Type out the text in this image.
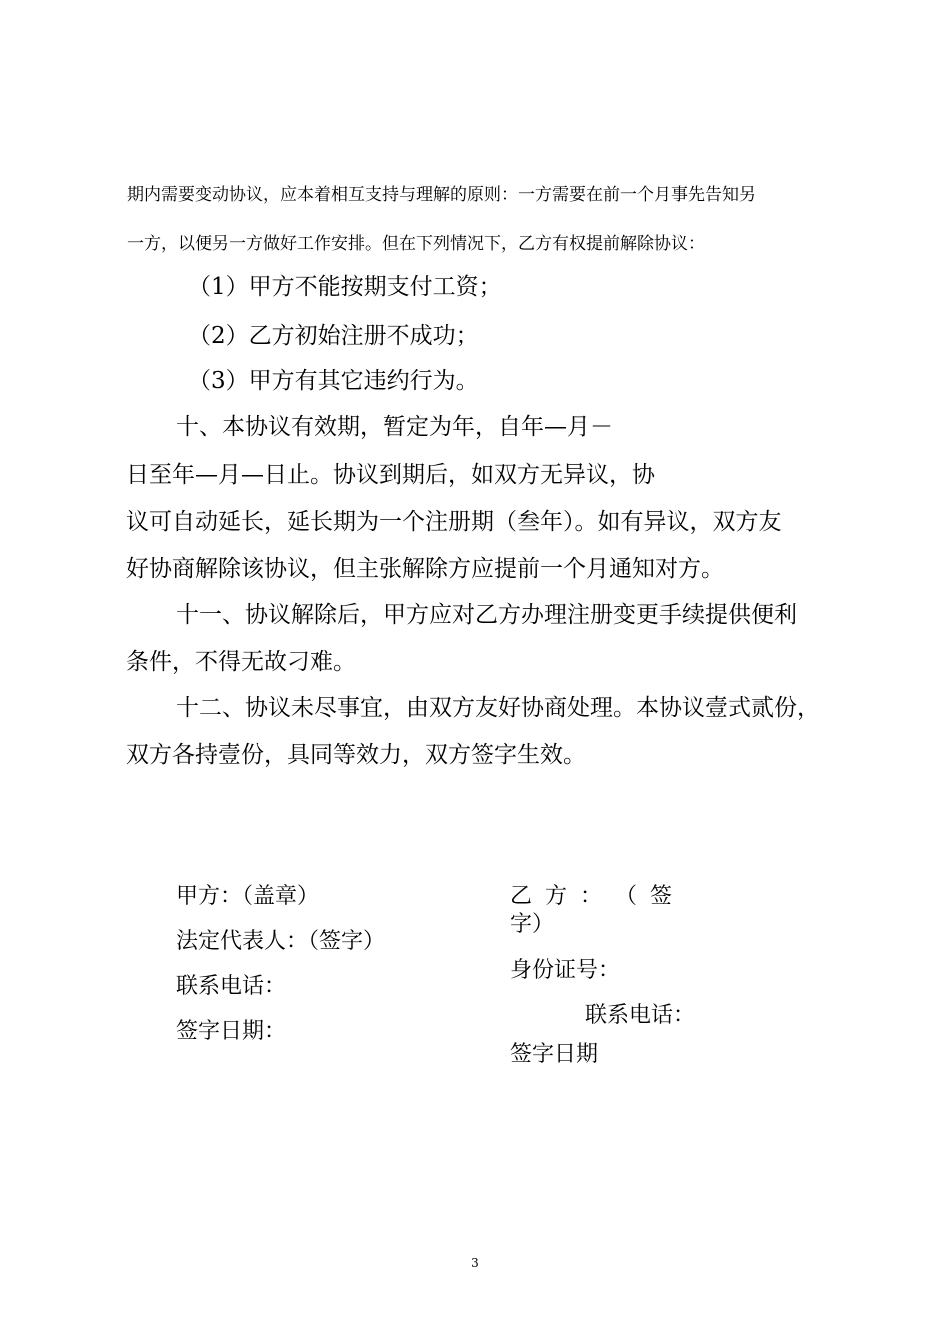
期内需要变动协议，应本着相互支持与理解的原则：一方需要在前一个月事先告知另
一方，以便另一方做好工作安排。但在下列情况下，乙方有权提前解除协议：
（1）甲方不能按期支付工资；
（2）乙方初始注册不成功；
（3）甲方有其它违约行为。
十、本协议有效期，暂定为年，自年—月－
日至年—月—日止。协议到期后，如双方无异议，协
议可自动延长，延长期为一个注册期（叁年）。如有异议，双方友
好协商解除该协议，但主张解除方应提前一个月通知对方。
十一、协议解除后，甲方应对乙方办理注册变更手续提供便利
条件，不得无故刁难。
十二、协议未尽事宜，由双方友好协商处理。本协议壹式贰份，
双方各持壹份，具同等效力，双方签字生效。
甲方：（盖章）
法定代表人：（签字）
联系电话：
签字日期：
乙 方 ： （ 签
字）
身份证号：
联系电话：
签字日期
3
